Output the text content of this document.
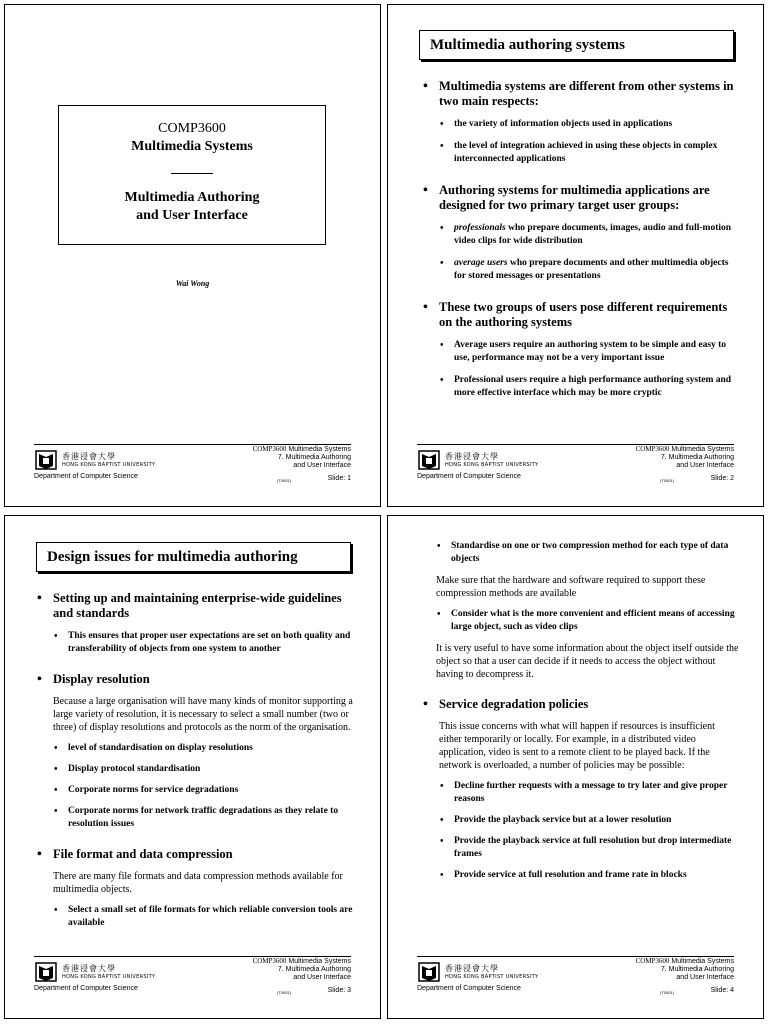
COMP3600
Multimedia Systems
Multimedia Authoring
and User Interface
Wai Wong
香港浸會大學
HONG KONG BAPTIST UNIVERSITY
Department of Computer Science
COMP3600 Multimedia Systems
7. Multimedia Authoring
and User Interface
(T0001)	Slide: 1
Multimedia authoring systems
• Multimedia systems are different from other systems in two main respects:
• the variety of information objects used in applications
• the level of integration achieved in using these objects in complex interconnected applications
• Authoring systems for multimedia applications are designed for two primary target user groups:
• professionals who prepare documents, images, audio and full-motion video clips for wide distribution
• average users who prepare documents and other multimedia objects for stored messages or presentations
• These two groups of users pose different requirements on the authoring systems
• Average users require an authoring system to be simple and easy to use, performance may not be a very important issue
• Professional users require a high performance authoring system and more effective interface which may be more cryptic
香港浸會大學
HONG KONG BAPTIST UNIVERSITY
Department of Computer Science
COMP3600 Multimedia Systems
7. Multimedia Authoring
and User Interface
(T0001)	Slide: 2
Design issues for multimedia authoring
• Setting up and maintaining enterprise-wide guidelines and standards
• This ensures that proper user expectations are set on both quality and transferability of objects from one system to another
• Display resolution
Because a large organisation will have many kinds of monitor supporting a large variety of resolution, it is necessary to select a small number (two or three) of display resolutions and protocols as the norm of the organisation.
• level of standardisation on display resolutions
• Display protocol standardisation
• Corporate norms for service degradations
• Corporate norms for network traffic degradations as they relate to resolution issues
• File format and data compression
There are many file formats and data compression methods available for multimedia objects.
• Select a small set of file formats for which reliable conversion tools are available
香港浸會大學
HONG KONG BAPTIST UNIVERSITY
Department of Computer Science
COMP3600 Multimedia Systems
7. Multimedia Authoring
and User Interface
(T0001)	Slide: 3
• Standardise on one or two compression method for each type of data objects
Make sure that the hardware and software required to support these compression methods are available
• Consider what is the more convenient and efficient means of accessing large object, such as video clips
It is very useful to have some information about the object itself outside the object so that a user can decide if it needs to access the object without having to decompress it.
• Service degradation policies
This issue concerns with what will happen if resources is insufficient either temporarily or locally. For example, in a distributed video application, video is sent to a remote client to be played back. If the network is overloaded, a number of policies may be possible:
• Decline further requests with a message to try later and give proper reasons
• Provide the playback service but at a lower resolution
• Provide the playback service at full resolution but drop intermediate frames
• Provide service at full resolution and frame rate in blocks
香港浸會大學
HONG KONG BAPTIST UNIVERSITY
Department of Computer Science
COMP3600 Multimedia Systems
7. Multimedia Authoring
and User Interface
(T0001)	Slide: 4
